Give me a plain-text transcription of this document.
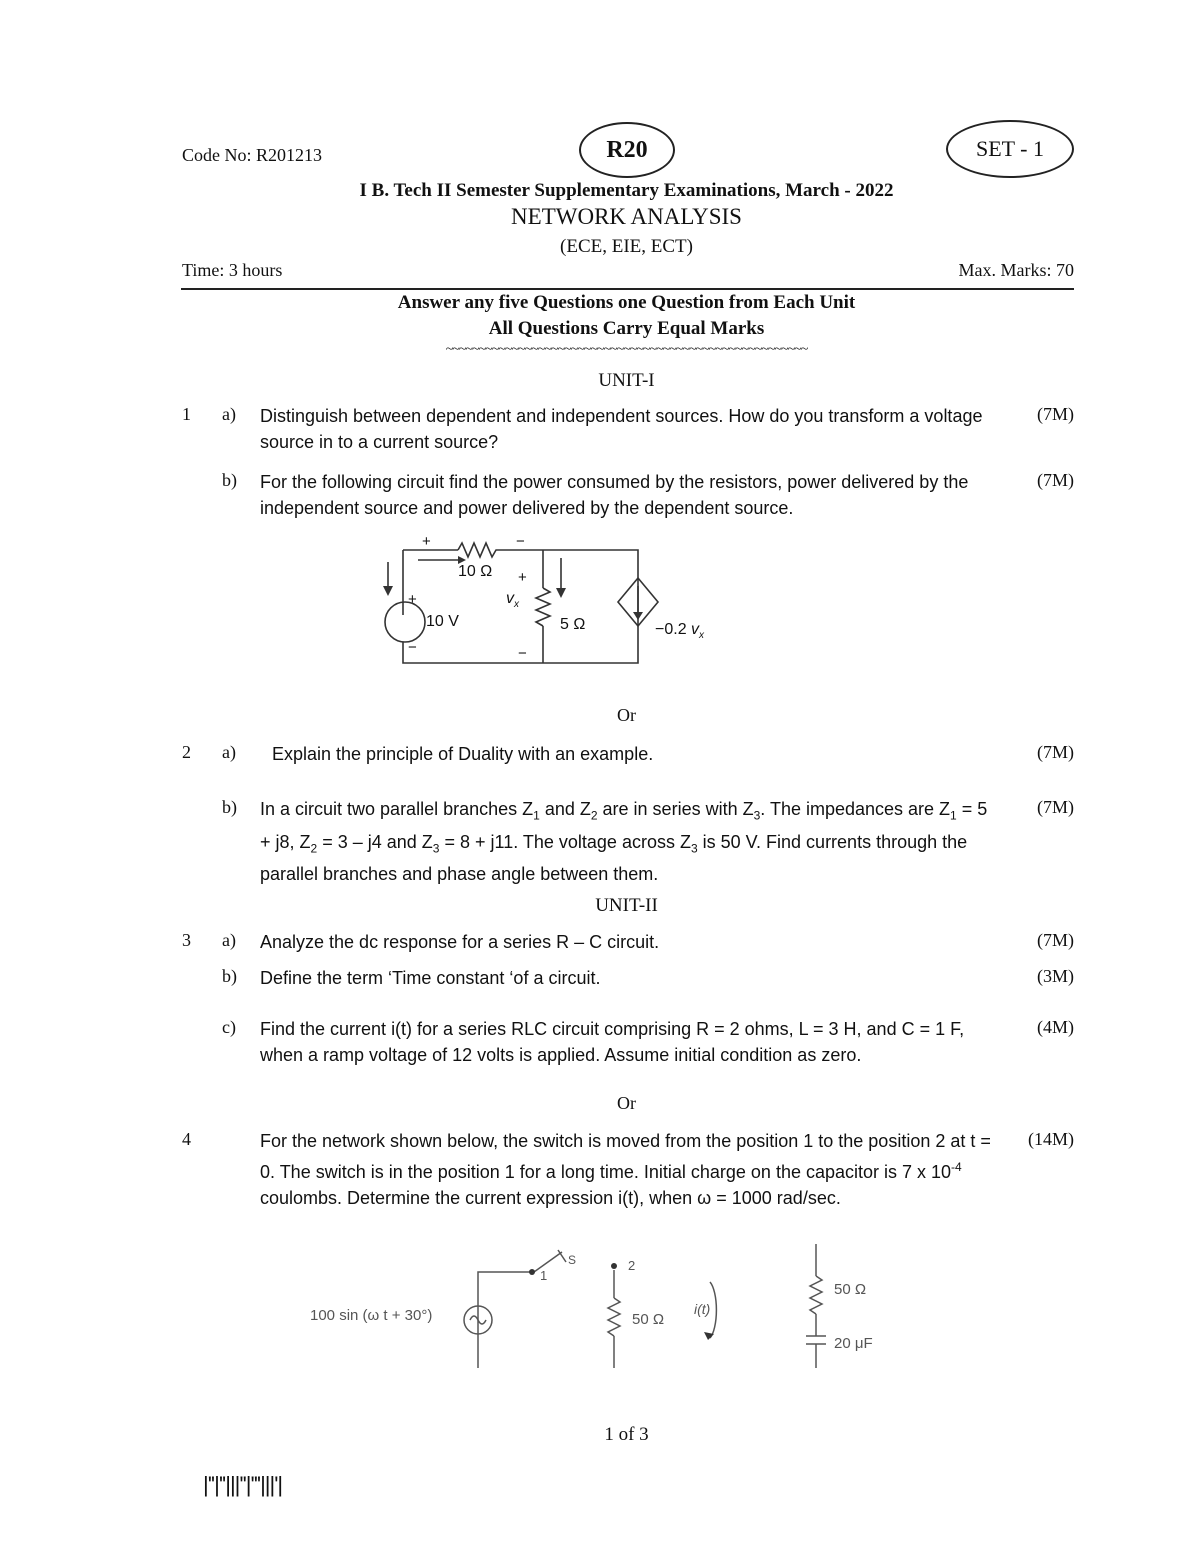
Code No: R201213	R20	SET - 1
I B. Tech II Semester Supplementary Examinations, March - 2022
NETWORK ANALYSIS
(ECE, EIE, ECT)
Time: 3 hours	Max. Marks: 70
Answer any five Questions one Question from Each Unit
All Questions Carry Equal Marks
~~~~~~~~~~~~~~~~~~~~~~~~~~~~~~~~~~~~~~~~~~~~~~~~~~~~~~~
UNIT-I
1 a) Distinguish between dependent and independent sources. How do you transform a voltage source in to a current source?
(7M)
b) For the following circuit find the power consumed by the resistors, power delivered by the independent source and power delivered by the dependent source.
(7M)
+	−
10 Ω +
$v_x$
+
10 V
−
5 Ω
−
−0.2 $v_x$
Or
2 a) Explain the principle of Duality with an example.	(7M)
b) In a circuit two parallel branches $Z_1$ and $Z_2$ are in series with $Z_3$. The impedances are $Z_1 = 5 + j8$, $Z_2 = 3 - j4$ and $Z_3 = 8 + j11$. The voltage across $Z_3$ is 50 V. Find currents through the parallel branches and phase angle between them.
(7M)
UNIT-II
3 a) Analyze the dc response for a series R – C circuit.	(7M)
b) Define the term ‘Time constant ‘of a circuit.	(3M)
c) Find the current i(t) for a series RLC circuit comprising R = 2 ohms, L = 3 H, and C = 1 F, when a ramp voltage of 12 volts is applied. Assume initial condition as zero.
(4M)
Or
4	For the network shown below, the switch is moved from the position 1 to the position 2 at t = 0. The switch is in the position 1 for a long time. Initial charge on the capacitor is 7 x $10^{-4}$ coulombs. Determine the current expression i(t), when ω = 1000 rad/sec.
(14M)
100 sin (ω t + 30°)
1
2
S
50 Ω
i(t)
50 Ω
20 μF
1 of 3
|''|''|||''|'''|||'|
